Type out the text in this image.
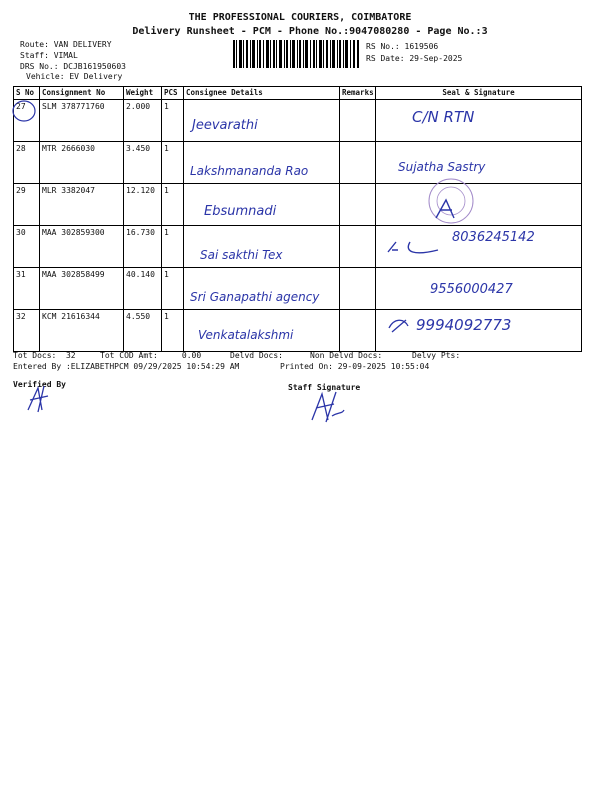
THE PROFESSIONAL COURIERS, COIMBATORE
Delivery Runsheet - PCM - Phone No.:9047080280 - Page No.:3
Route: VAN DELIVERY
Staff: VIMAL
DRS No.: DCJB161950603
Vehicle: EV Delivery
RS No.: 1619506
RS Date: 29-Sep-2025
S No	Consignment No	Weight	PCS	Consignee Details	Remarks	Seal & Signature
27	SLM 378771760	2.000	1	Jeevarathi		C/N RTN

28	MTR 2666030	3.450	1	Lakshmananda Rao		Sujatha Sastry

29	MLR 3382047	12.120	1	Ebsumnadi

30	MAA 302859300	16.730	1	Sai sakthi Tex		8036245142

31	MAA 302858499	40.140	1	Sri Ganapathi agency		9556000427

32	KCM 21616344	4.550	1	Venkatalakshmi		9994092773
Tot Docs:  32	Tot COD Amt:     0.00	Delvd Docs:	Non Delvd Docs:	Delvy Pts:
Entered By :ELIZABETHPCM 09/29/2025 10:54:29 AM	Printed On: 29-09-2025 10:55:04
Verified By	Staff Signature
